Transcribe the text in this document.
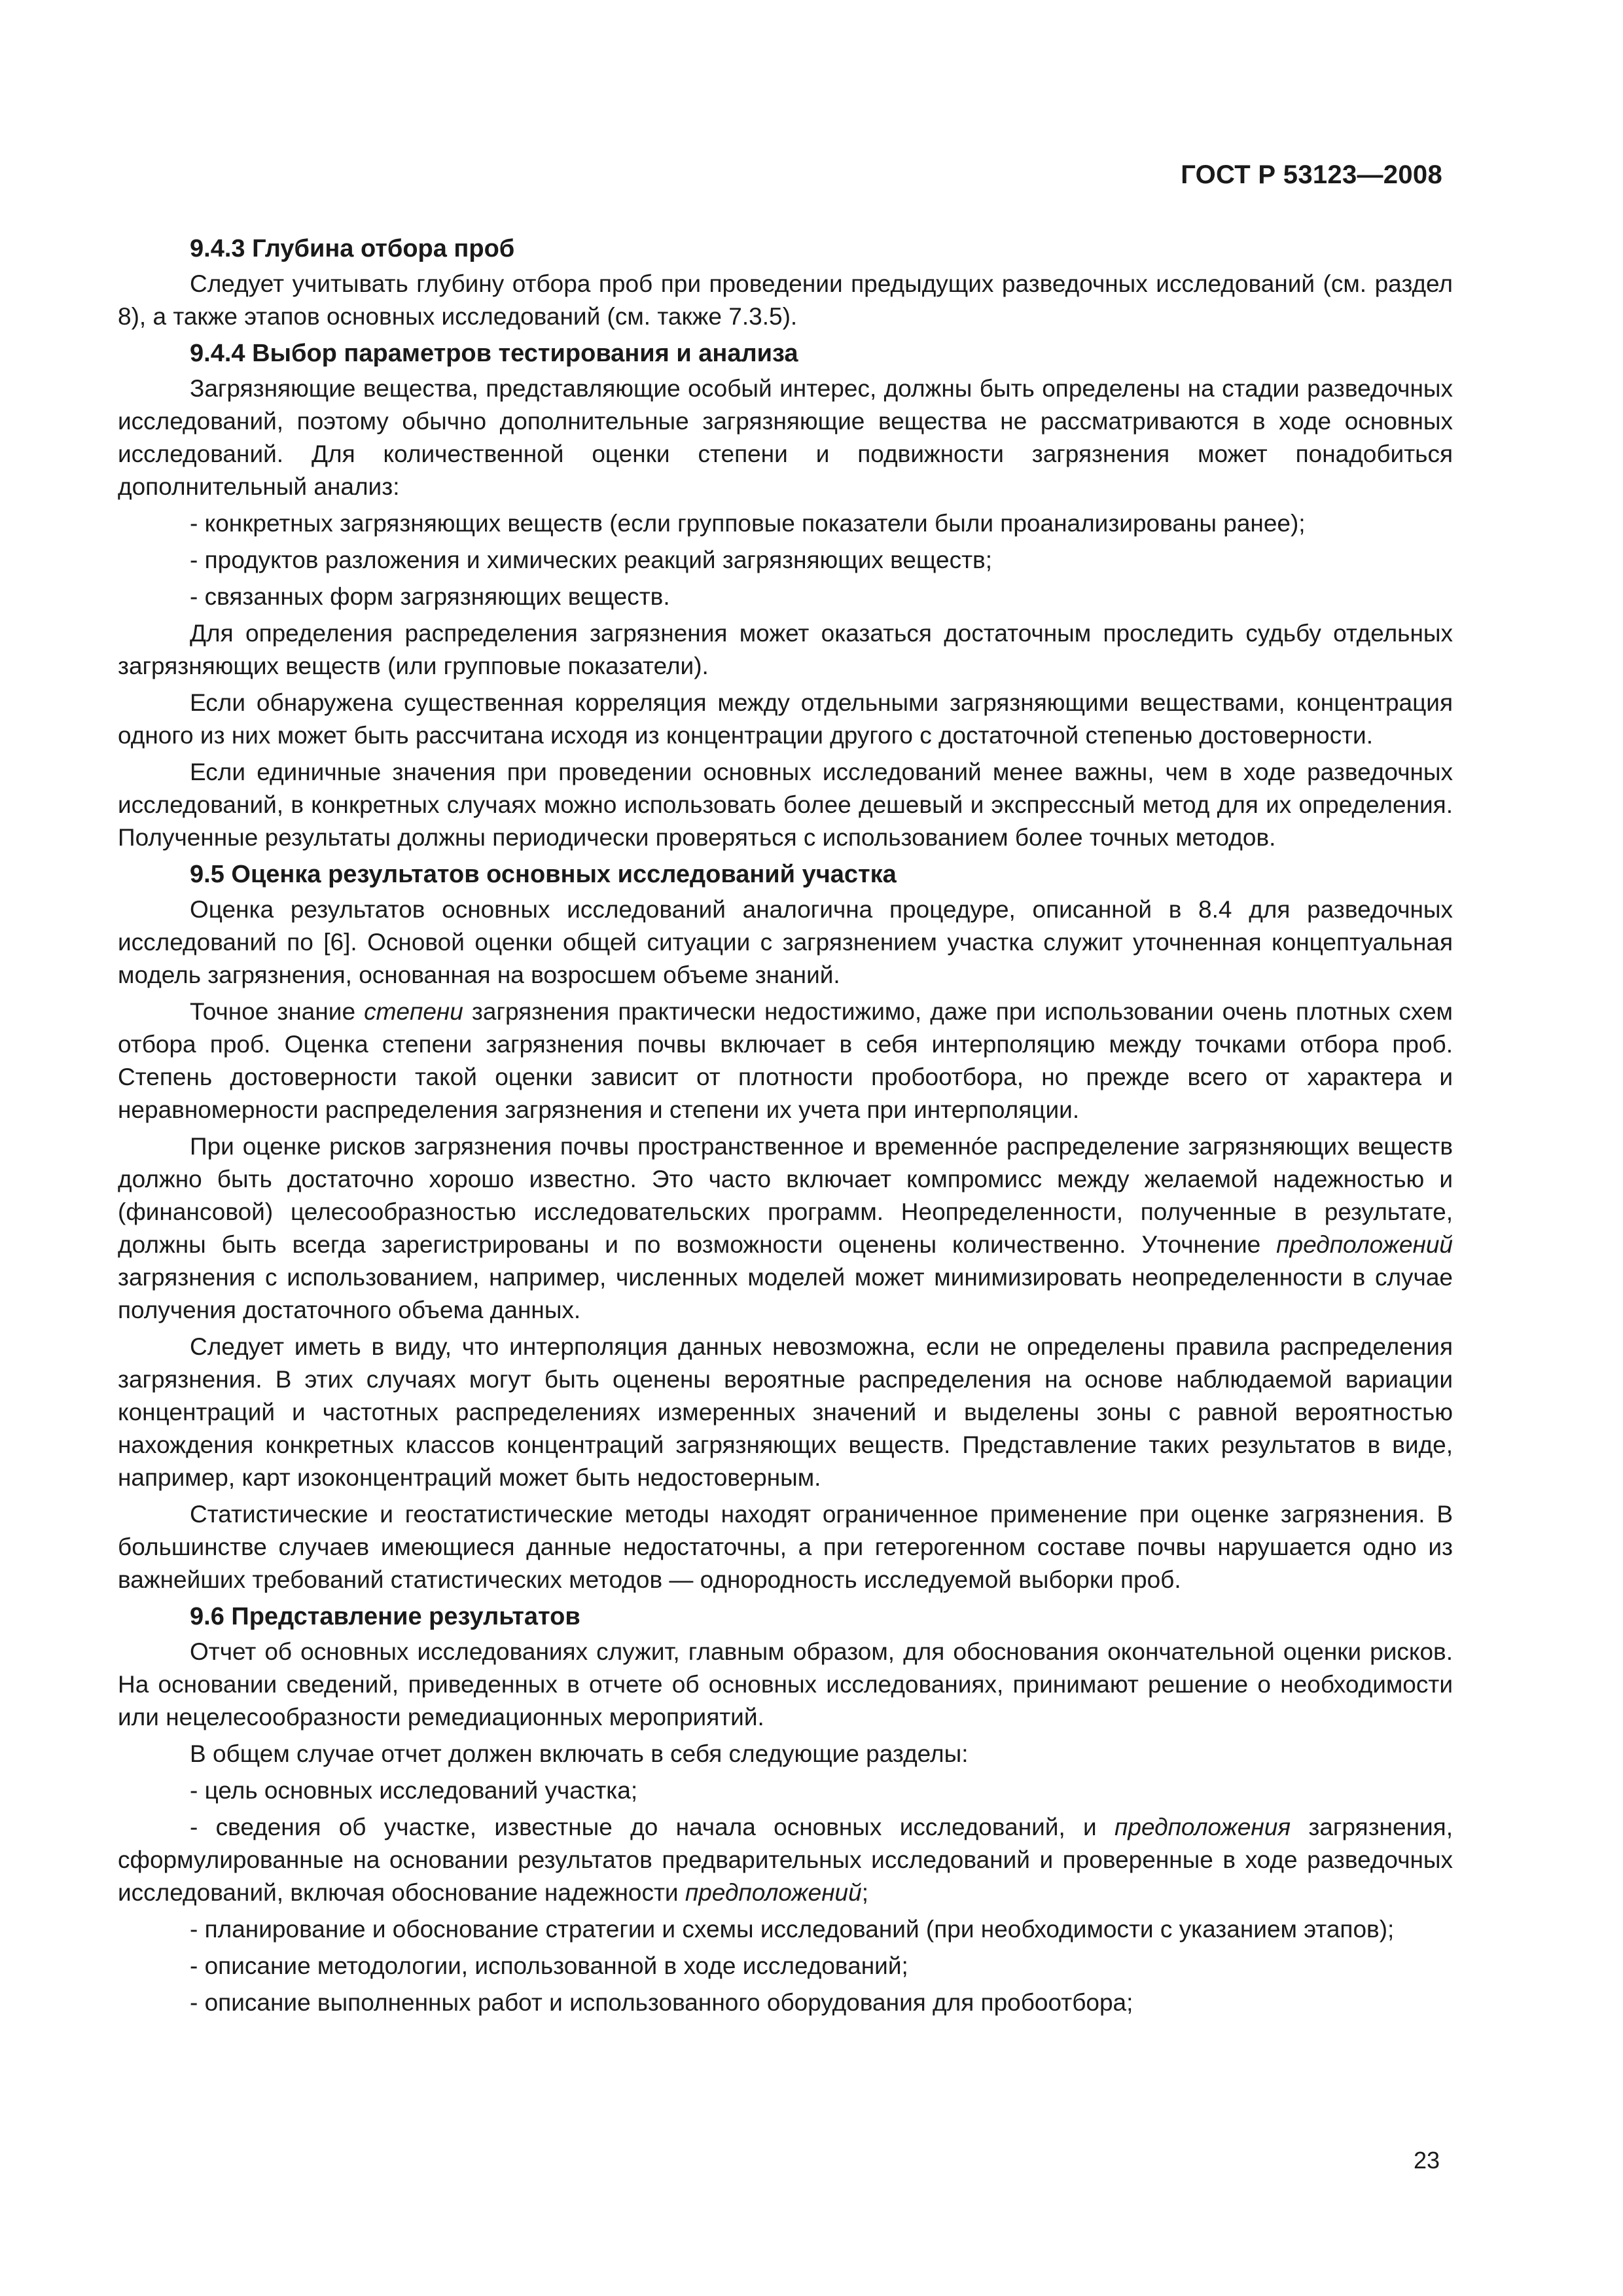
ГОСТ Р 53123—2008
9.4.3 Глубина отбора проб

Следует учитывать глубину отбора проб при проведении предыдущих разведочных исследований (см. раздел 8), а также этапов основных исследований (см. также 7.3.5).

9.4.4 Выбор параметров тестирования и анализа

Загрязняющие вещества, представляющие особый интерес, должны быть определены на стадии разведочных исследований, поэтому обычно дополнительные загрязняющие вещества не рассматриваются в ходе основных исследований. Для количественной оценки степени и подвижности загрязнения может понадобиться дополнительный анализ:

- конкретных загрязняющих веществ (если групповые показатели были проанализированы ранее);
- продуктов разложения и химических реакций загрязняющих веществ;
- связанных форм загрязняющих веществ.

Для определения распределения загрязнения может оказаться достаточным проследить судьбу отдельных загрязняющих веществ (или групповые показатели).

Если обнаружена существенная корреляция между отдельными загрязняющими веществами, концентрация одного из них может быть рассчитана исходя из концентрации другого с достаточной степенью достоверности.

Если единичные значения при проведении основных исследований менее важны, чем в ходе разведочных исследований, в конкретных случаях можно использовать более дешевый и экспрессный метод для их определения. Полученные результаты должны периодически проверяться с использованием более точных методов.

9.5 Оценка результатов основных исследований участка

Оценка результатов основных исследований аналогична процедуре, описанной в 8.4 для разведочных исследований по [6]. Основой оценки общей ситуации с загрязнением участка служит уточненная концептуальная модель загрязнения, основанная на возросшем объеме знаний.

Точное знание степени загрязнения практически недостижимо, даже при использовании очень плотных схем отбора проб. Оценка степени загрязнения почвы включает в себя интерполяцию между точками отбора проб. Степень достоверности такой оценки зависит от плотности пробоотбора, но прежде всего от характера и неравномерности распределения загрязнения и степени их учета при интерполяции.

При оценке рисков загрязнения почвы пространственное и временно́е распределение загрязняющих веществ должно быть достаточно хорошо известно. Это часто включает компромисс между желаемой надежностью и (финансовой) целесообразностью исследовательских программ. Неопределенности, полученные в результате, должны быть всегда зарегистрированы и по возможности оценены количественно. Уточнение предположений загрязнения с использованием, например, численных моделей может минимизировать неопределенности в случае получения достаточного объема данных.

Следует иметь в виду, что интерполяция данных невозможна, если не определены правила распределения загрязнения. В этих случаях могут быть оценены вероятные распределения на основе наблюдаемой вариации концентраций и частотных распределениях измеренных значений и выделены зоны с равной вероятностью нахождения конкретных классов концентраций загрязняющих веществ. Представление таких результатов в виде, например, карт изоконцентраций может быть недостоверным.

Статистические и геостатистические методы находят ограниченное применение при оценке загрязнения. В большинстве случаев имеющиеся данные недостаточны, а при гетерогенном составе почвы нарушается одно из важнейших требований статистических методов — однородность исследуемой выборки проб.

9.6 Представление результатов

Отчет об основных исследованиях служит, главным образом, для обоснования окончательной оценки рисков. На основании сведений, приведенных в отчете об основных исследованиях, принимают решение о необходимости или нецелесообразности ремедиационных мероприятий.

В общем случае отчет должен включать в себя следующие разделы:

- цель основных исследований участка;
- сведения об участке, известные до начала основных исследований, и предположения загрязнения, сформулированные на основании результатов предварительных исследований и проверенные в ходе разведочных исследований, включая обоснование надежности предположений;
- планирование и обоснование стратегии и схемы исследований (при необходимости с указанием этапов);
- описание методологии, использованной в ходе исследований;
- описание выполненных работ и использованного оборудования для пробоотбора;
23
